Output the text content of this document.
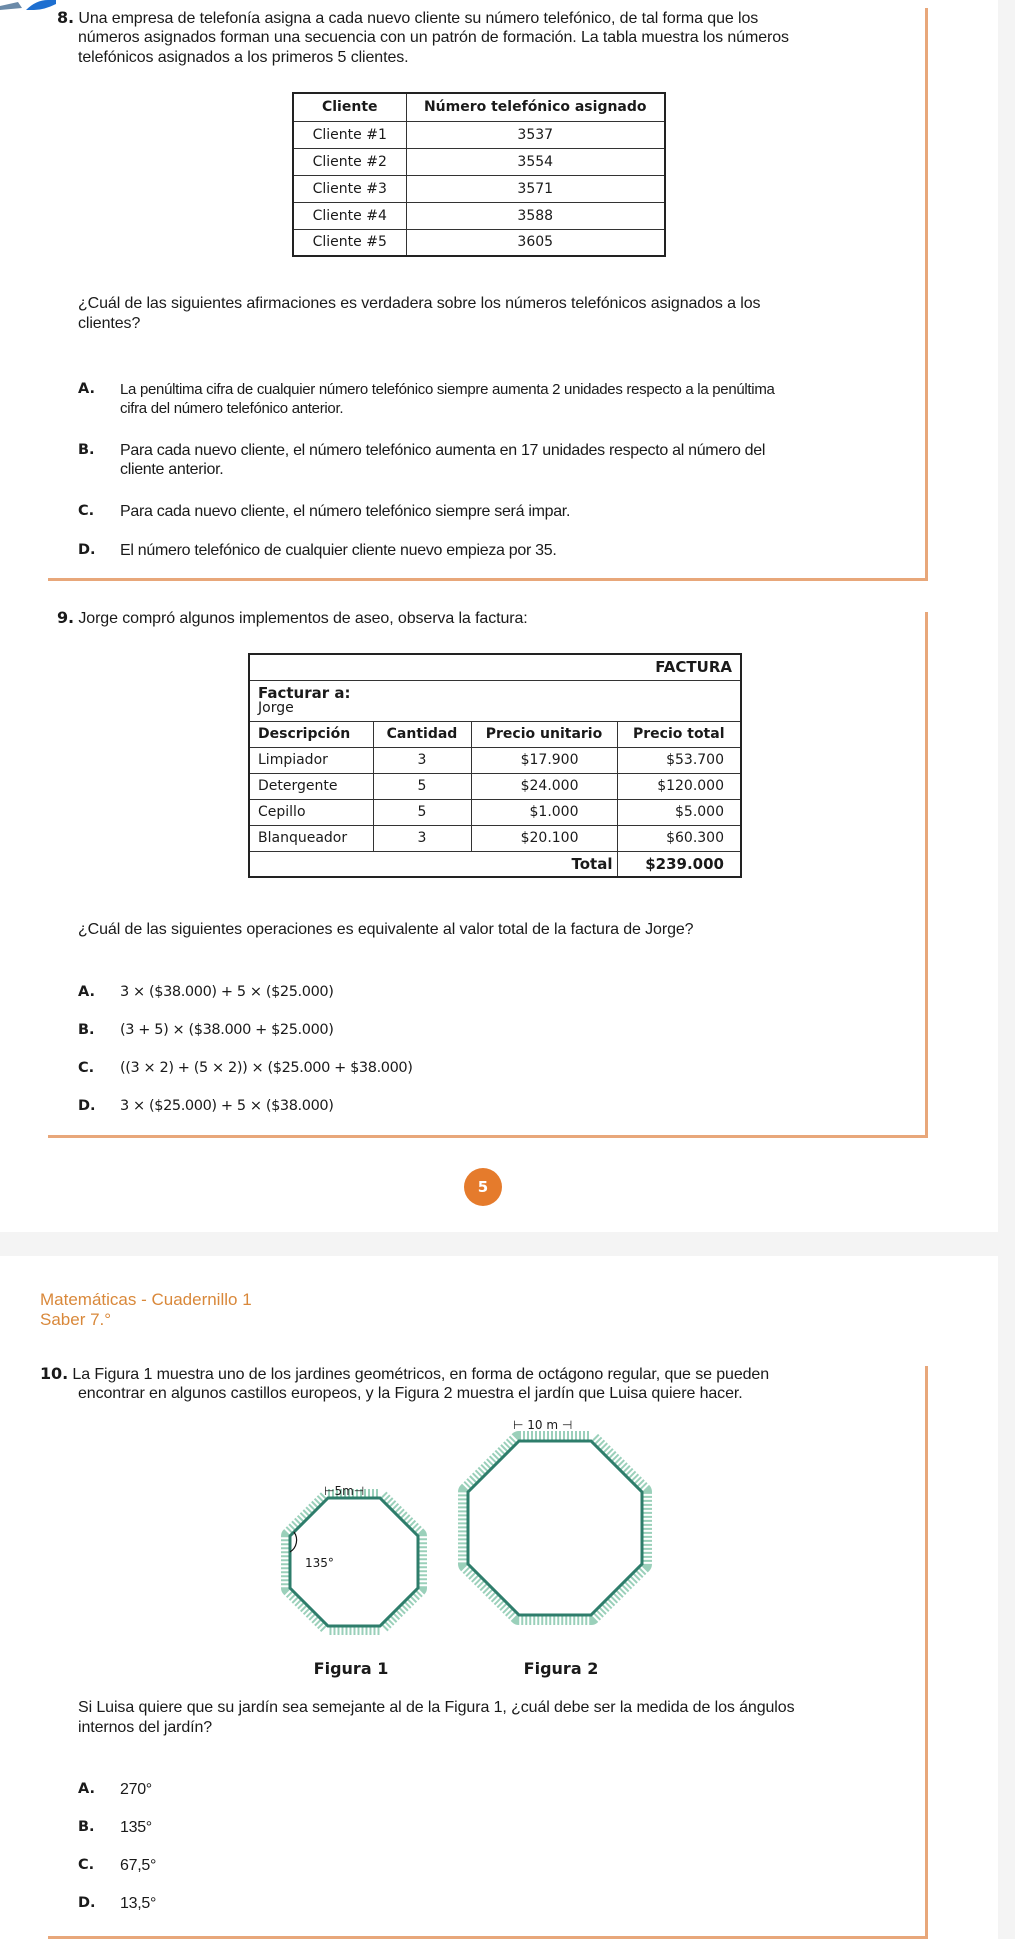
8. Una empresa de telefonía asigna a cada nuevo cliente su número telefónico, de tal forma que los
números asignados forman una secuencia con un patrón de formación. La tabla muestra los números
telefónicos asignados a los primeros 5 clientes.
Cliente	Número telefónico asignado
Cliente #1	3537
Cliente #2	3554
Cliente #3	3571
Cliente #4	3588
Cliente #5	3605
¿Cuál de las siguientes afirmaciones es verdadera sobre los números telefónicos asignados a los
clientes?
A. La penúltima cifra de cualquier número telefónico siempre aumenta 2 unidades respecto a la penúltima
cifra del número telefónico anterior.
B. Para cada nuevo cliente, el número telefónico aumenta en 17 unidades respecto al número del
cliente anterior.
C. Para cada nuevo cliente, el número telefónico siempre será impar.
D. El número telefónico de cualquier cliente nuevo empieza por 35.
9. Jorge compró algunos implementos de aseo, observa la factura:
FACTURA			

Facturar a:
Jorge			
Descripción	Cantidad	Precio unitario	Precio total
Limpiador	3	$17.900	$53.700
Detergente	5	$24.000	$120.000
Cepillo	5	$1.000	$5.000
Blanqueador	3	$20.100	$60.300
Total			$239.000
¿Cuál de las siguientes operaciones es equivalente al valor total de la factura de Jorge?
A. 3 × ($38.000) + 5 × ($25.000)
B. (3 + 5) × ($38.000 + $25.000)
C. ((3 × 2) + (5 × 2)) × ($25.000 + $38.000)
D. 3 × ($25.000) + 5 × ($38.000)
5
Matemáticas - Cuadernillo 1
Saber 7.°
10. La Figura 1 muestra uno de los jardines geométricos, en forma de octágono regular, que se pueden
encontrar en algunos castillos europeos, y la Figura 2 muestra el jardín que Luisa quiere hacer.
⊢5m⊣
135°
Figura 1
⊢ 10 m ⊣
Figura 2
Si Luisa quiere que su jardín sea semejante al de la Figura 1, ¿cuál debe ser la medida de los ángulos
internos del jardín?
A. 270°
B. 135°
C. 67,5°
D. 13,5°
